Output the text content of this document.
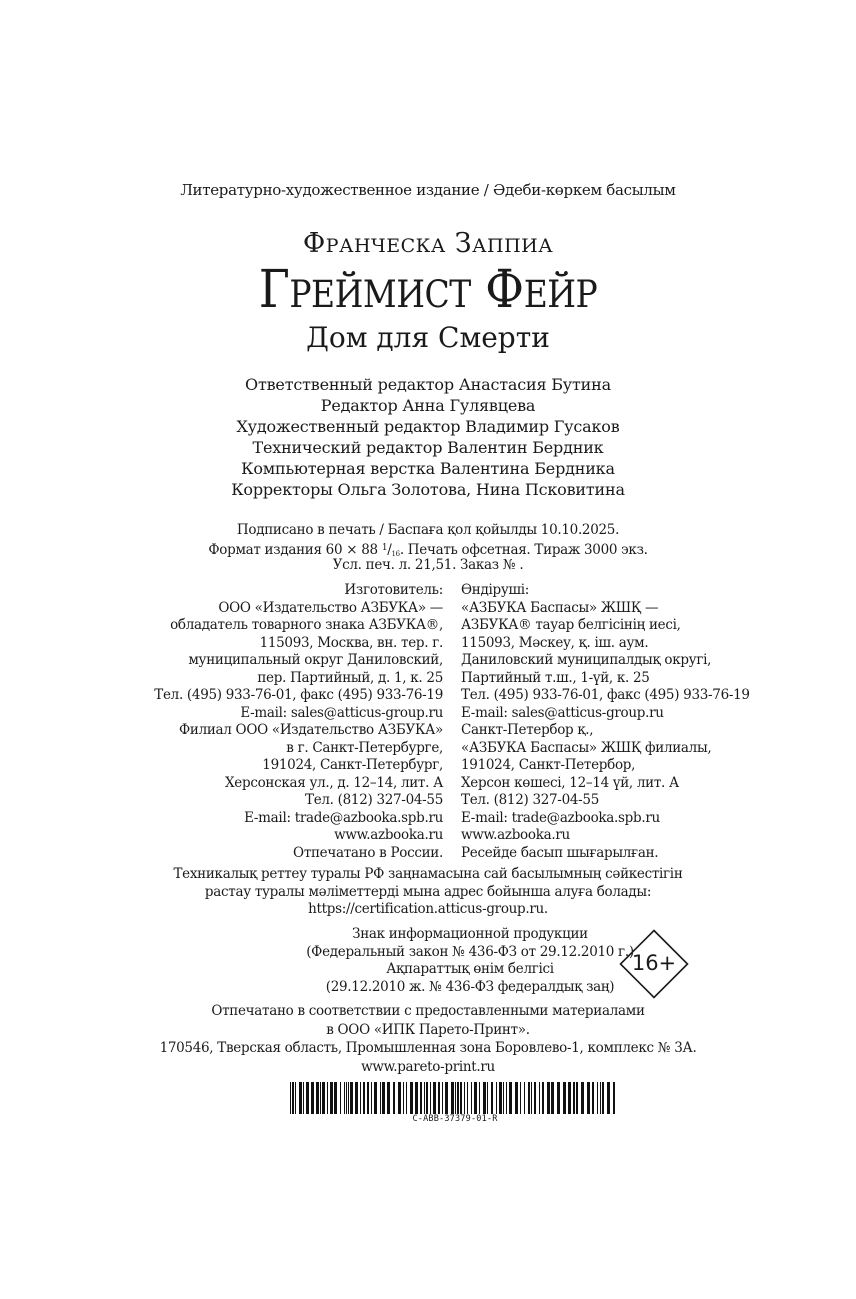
Литературно-художественное издание / Әдеби-көркем басылым
Франческа Заппиа
Греймист Фейр
Дом для Смерти
Ответственный редактор Анастасия Бутина
Редактор Анна Гулявцева
Художественный редактор Владимир Гусаков
Технический редактор Валентин Бердник
Компьютерная верстка Валентина Бердника
Корректоры Ольга Золотова, Нина Псковитина
Подписано в печать / Баспаға қол қойылды 10.10.2025.
Формат издания 60 × 88 $^1/_{16}$. Печать офсетная. Тираж 3000 экз.
Усл. печ. л. 21,51. Заказ № .
Изготовитель:
ООО «Издательство АЗБУКА» —
обладатель товарного знака АЗБУКА®,
115093, Москва, вн. тер. г.
муниципальный округ Даниловский,
пер. Партийный, д. 1, к. 25
Тел. (495) 933-76-01, факс (495) 933-76-19
E-mail: sales@atticus-group.ru
Филиал ООО «Издательство АЗБУКА»
в г. Санкт-Петербурге,
191024, Санкт-Петербург,
Херсонская ул., д. 12–14, лит. А
Тел. (812) 327-04-55
E-mail: trade@azbooka.spb.ru
www.azbooka.ru
Отпечатано в России.
Өндіруші:
«АЗБУКА Баспасы» ЖШҚ —
АЗБУКА® тауар белгісінің иесі,
115093, Мәскеу, қ. іш. аум.
Даниловский муниципалдық округі,
Партийный т.ш., 1-үй, к. 25
Тел. (495) 933-76-01, факс (495) 933-76-19
E-mail: sales@atticus-group.ru
Санкт-Петербор қ.,
«АЗБУКА Баспасы» ЖШҚ филиалы,
191024, Санкт-Петербор,
Херсон көшесі, 12–14 үй, лит. А
Тел. (812) 327-04-55
E-mail: trade@azbooka.spb.ru
www.azbooka.ru
Ресейде басып шығарылған.
Техникалық реттеу туралы РФ заңнамасына сай басылымның сәйкестігін
растау туралы мәліметтерді мына адрес бойынша алуға болады:
https://certification.atticus-group.ru.
Знак информационной продукции
(Федеральный закон № 436-ФЗ от 29.12.2010 г.)
Ақпараттық өнім белгісі
(29.12.2010 ж. № 436-ФЗ федералдық заң)
16+
Отпечатано в соответствии с предоставленными материалами
в ООО «ИПК Парето-Принт».
170546, Тверская область, Промышленная зона Боровлево-1, комплекс № 3А.
www.pareto-print.ru
C-ABB-37379-01-R
